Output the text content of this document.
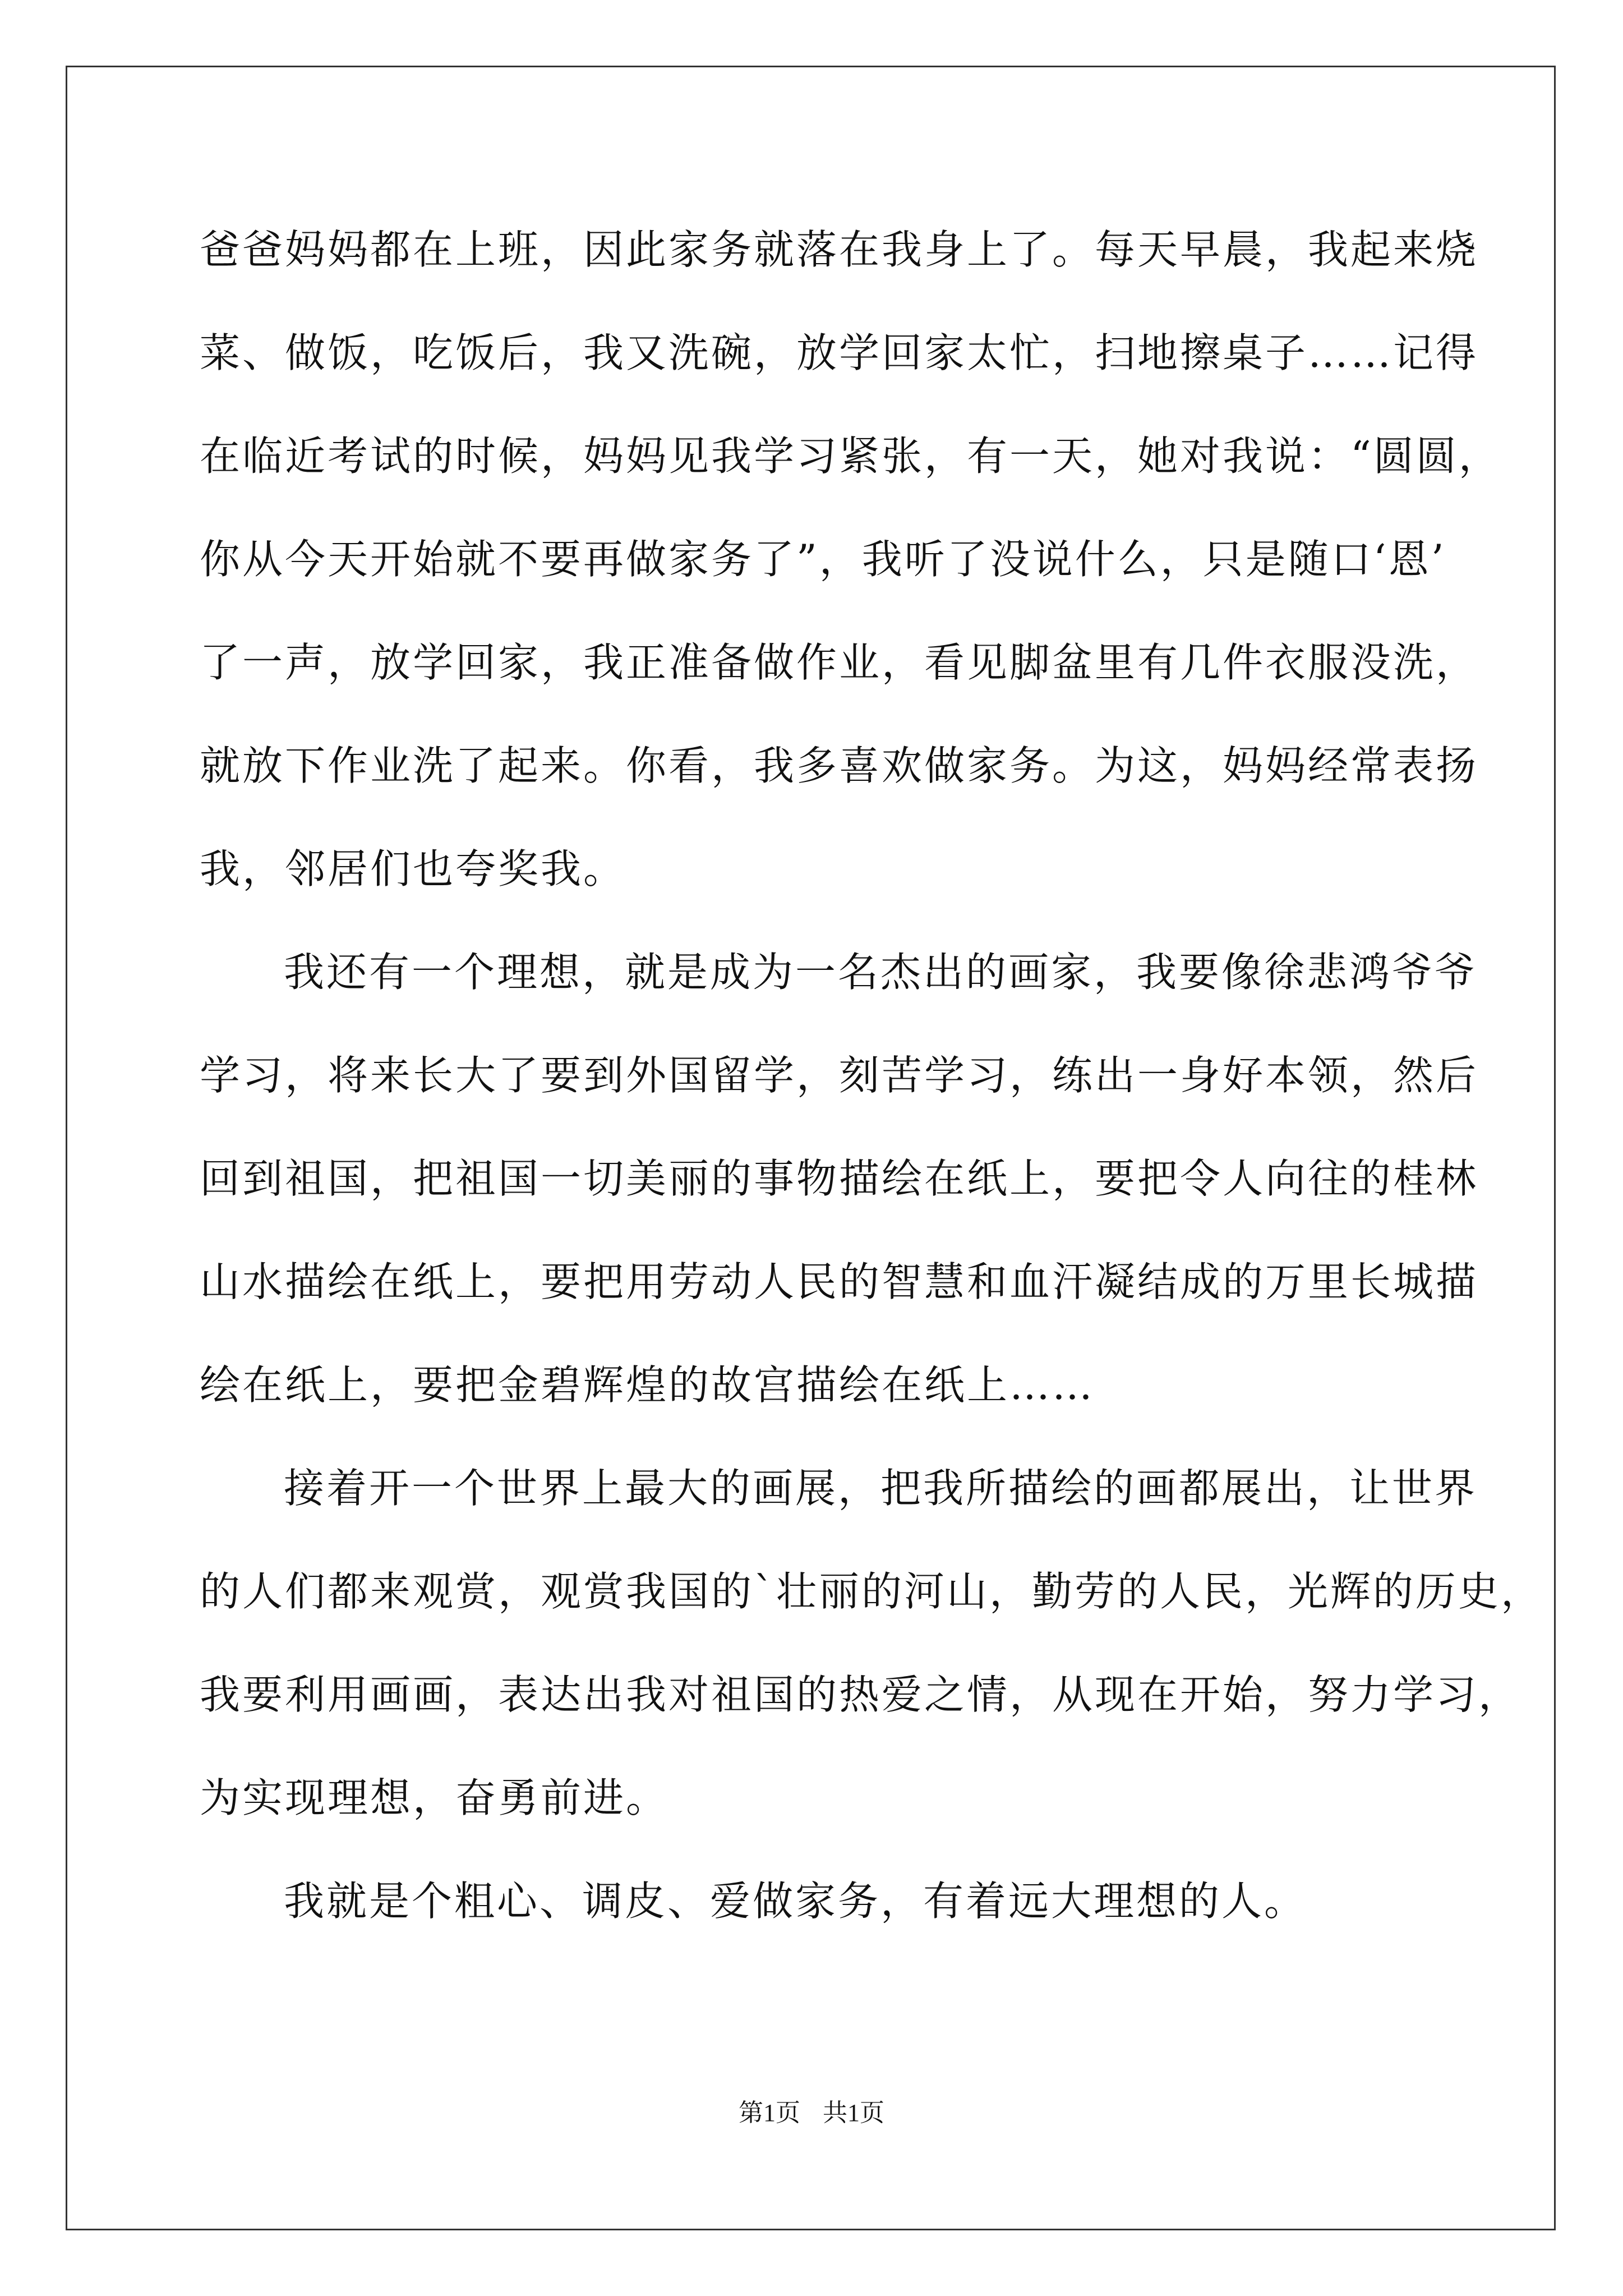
爸爸妈妈都在上班，因此家务就落在我身上了。每天早晨，我起来烧
菜、做饭，吃饭后，我又洗碗，放学回家太忙，扫地擦桌子……记得
在临近考试的时候，妈妈见我学习紧张，有一天，她对我说：“圆圆，
你从今天开始就不要再做家务了”，我听了没说什么，只是随口‘恩’
了一声，放学回家，我正准备做作业，看见脚盆里有几件衣服没洗，
就放下作业洗了起来。你看，我多喜欢做家务。为这，妈妈经常表扬
我，邻居们也夸奖我。
我还有一个理想，就是成为一名杰出的画家，我要像徐悲鸿爷爷
学习，将来长大了要到外国留学，刻苦学习，练出一身好本领，然后
回到祖国，把祖国一切美丽的事物描绘在纸上，要把令人向往的桂林
山水描绘在纸上，要把用劳动人民的智慧和血汗凝结成的万里长城描
绘在纸上，要把金碧辉煌的故宫描绘在纸上……
接着开一个世界上最大的画展，把我所描绘的画都展出，让世界
的人们都来观赏，观赏我国的`壮丽的河山，勤劳的人民，光辉的历史，
我要利用画画，表达出我对祖国的热爱之情，从现在开始，努力学习，
为实现理想，奋勇前进。
我就是个粗心、调皮、爱做家务，有着远大理想的人。
第1页 共1页
